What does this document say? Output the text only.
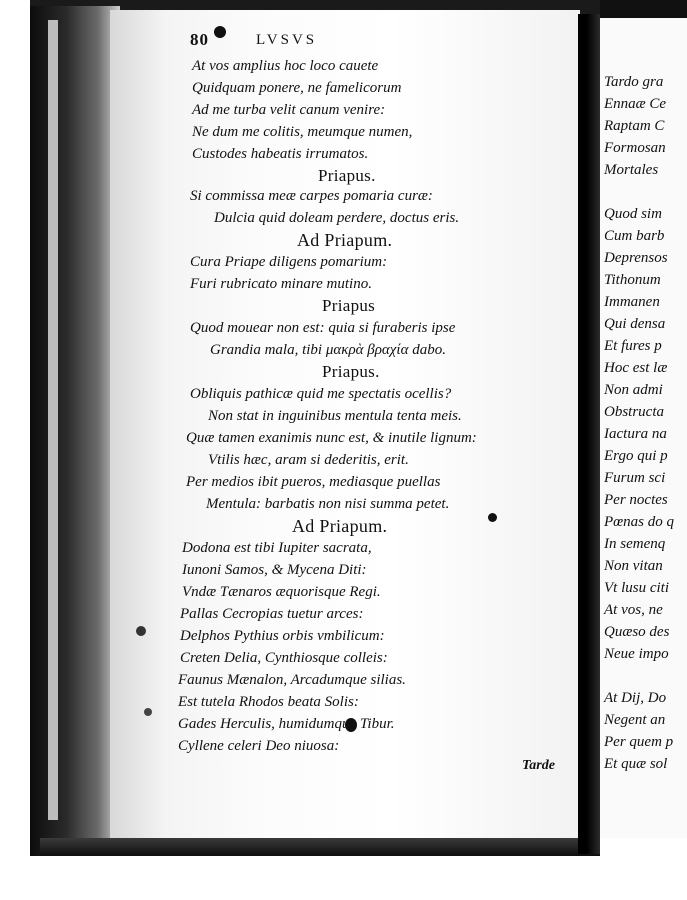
80	LVSVS
At vos amplius hoc loco cauete
Quidquam ponere, ne famelicorum
Ad me turba velit canum venire:
Ne dum me colitis, meumque numen,
Custodes habeatis irrumatos.
Priapus.
Si commissa meæ carpes pomaria curæ:
Dulcia quid doleam perdere, doctus eris.
Ad Priapum.
Cura Priape diligens pomarium:
Furi rubricato minare mutino.
Priapus
Quod mouear non est: quia si furaberis ipse
Grandia mala, tibi μακρὰ βραχία dabo.
Priapus.
Obliquis pathicæ quid me spectatis ocellis?
Non stat in inguinibus mentula tenta meis.
Quæ tamen exanimis nunc est, & inutile lignum:
Vtilis hæc, aram si dederitis, erit.
Per medios ibit pueros, mediasque puellas
Mentula: barbatis non nisi summa petet.
Ad Priapum.
Dodona est tibi Iupiter sacrata,
Iunoni Samos, & Mycena Diti:
Vndæ Tænaros æquorisque Regi.
Pallas Cecropias tuetur arces:
Delphos Pythius orbis vmbilicum:
Creten Delia, Cynthiosque colleis:
Faunus Mænalon, Arcadumque silias.
Est tutela Rhodos beata Solis:
Gades Herculis, humidumque Tibur.
Cyllene celeri Deo niuosa:
Tarde
Tardo gra
Ennaæ Ce
Raptam C
Formosan
Mortales
Quod sim
Cum barb
Deprensos
Tithonum
Immanen
Qui densa
Et fures p
Hoc est læ
Non admi
Obstructa
Iactura na
Ergo qui p
Furum sci
Per noctes
Pœnas do q
In semenq
Non vitan
Vt lusu citi
At vos, ne
Quæso des
Neue impo
At Dij, Do
Negent an
Per quem p
Et quæ sol
